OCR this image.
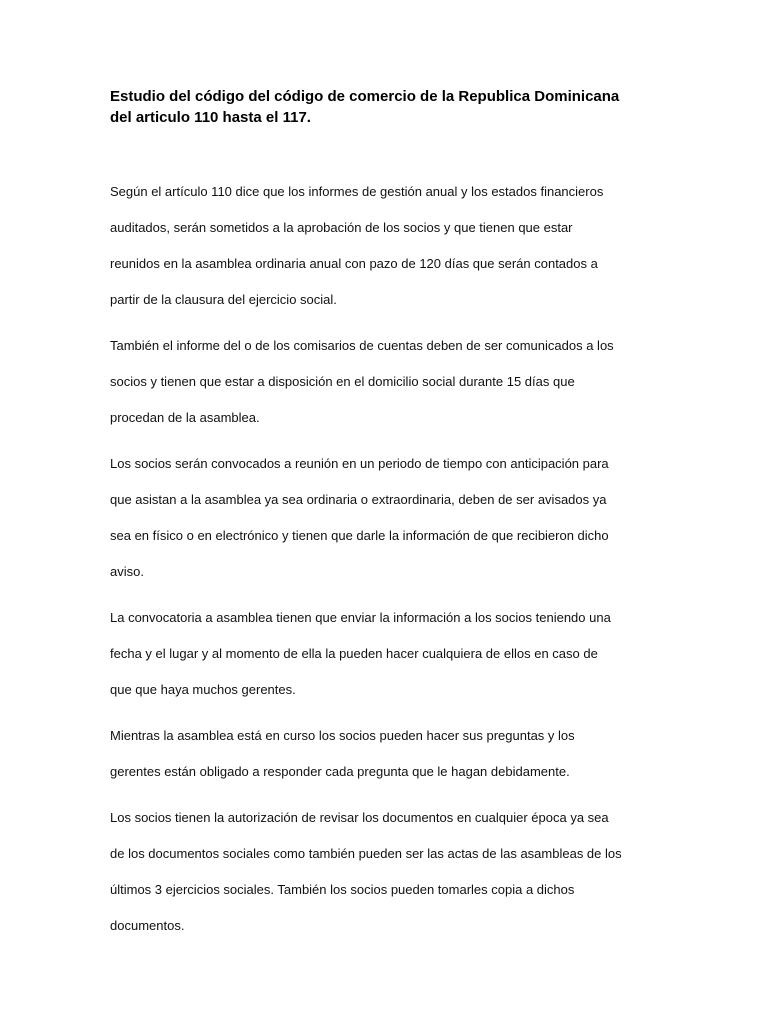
Estudio del código del código de comercio de la Republica Dominicana
del articulo 110 hasta el 117.

Según el artículo 110 dice que los informes de gestión anual y los estados financieros
auditados, serán sometidos a la aprobación de los socios y que tienen que estar
reunidos en la asamblea ordinaria anual con pazo de 120 días que serán contados a
partir de la clausura del ejercicio social.

También el informe del o de los comisarios de cuentas deben de ser comunicados a los
socios y tienen que estar a disposición en el domicilio social durante 15 días que
procedan de la asamblea.

Los socios serán convocados a reunión en un periodo de tiempo con anticipación para
que asistan a la asamblea ya sea ordinaria o extraordinaria, deben de ser avisados ya
sea en físico o en electrónico y tienen que darle la información de que recibieron dicho
aviso.

La convocatoria a asamblea tienen que enviar la información a los socios teniendo una
fecha y el lugar y al momento de ella la pueden hacer cualquiera de ellos en caso de
que que haya muchos gerentes.

Mientras la asamblea está en curso los socios pueden hacer sus preguntas y los
gerentes están obligado a responder cada pregunta que le hagan debidamente.

Los socios tienen la autorización de revisar los documentos en cualquier época ya sea
de los documentos sociales como también pueden ser las actas de las asambleas de los
últimos 3 ejercicios sociales. También los socios pueden tomarles copia a dichos
documentos.
